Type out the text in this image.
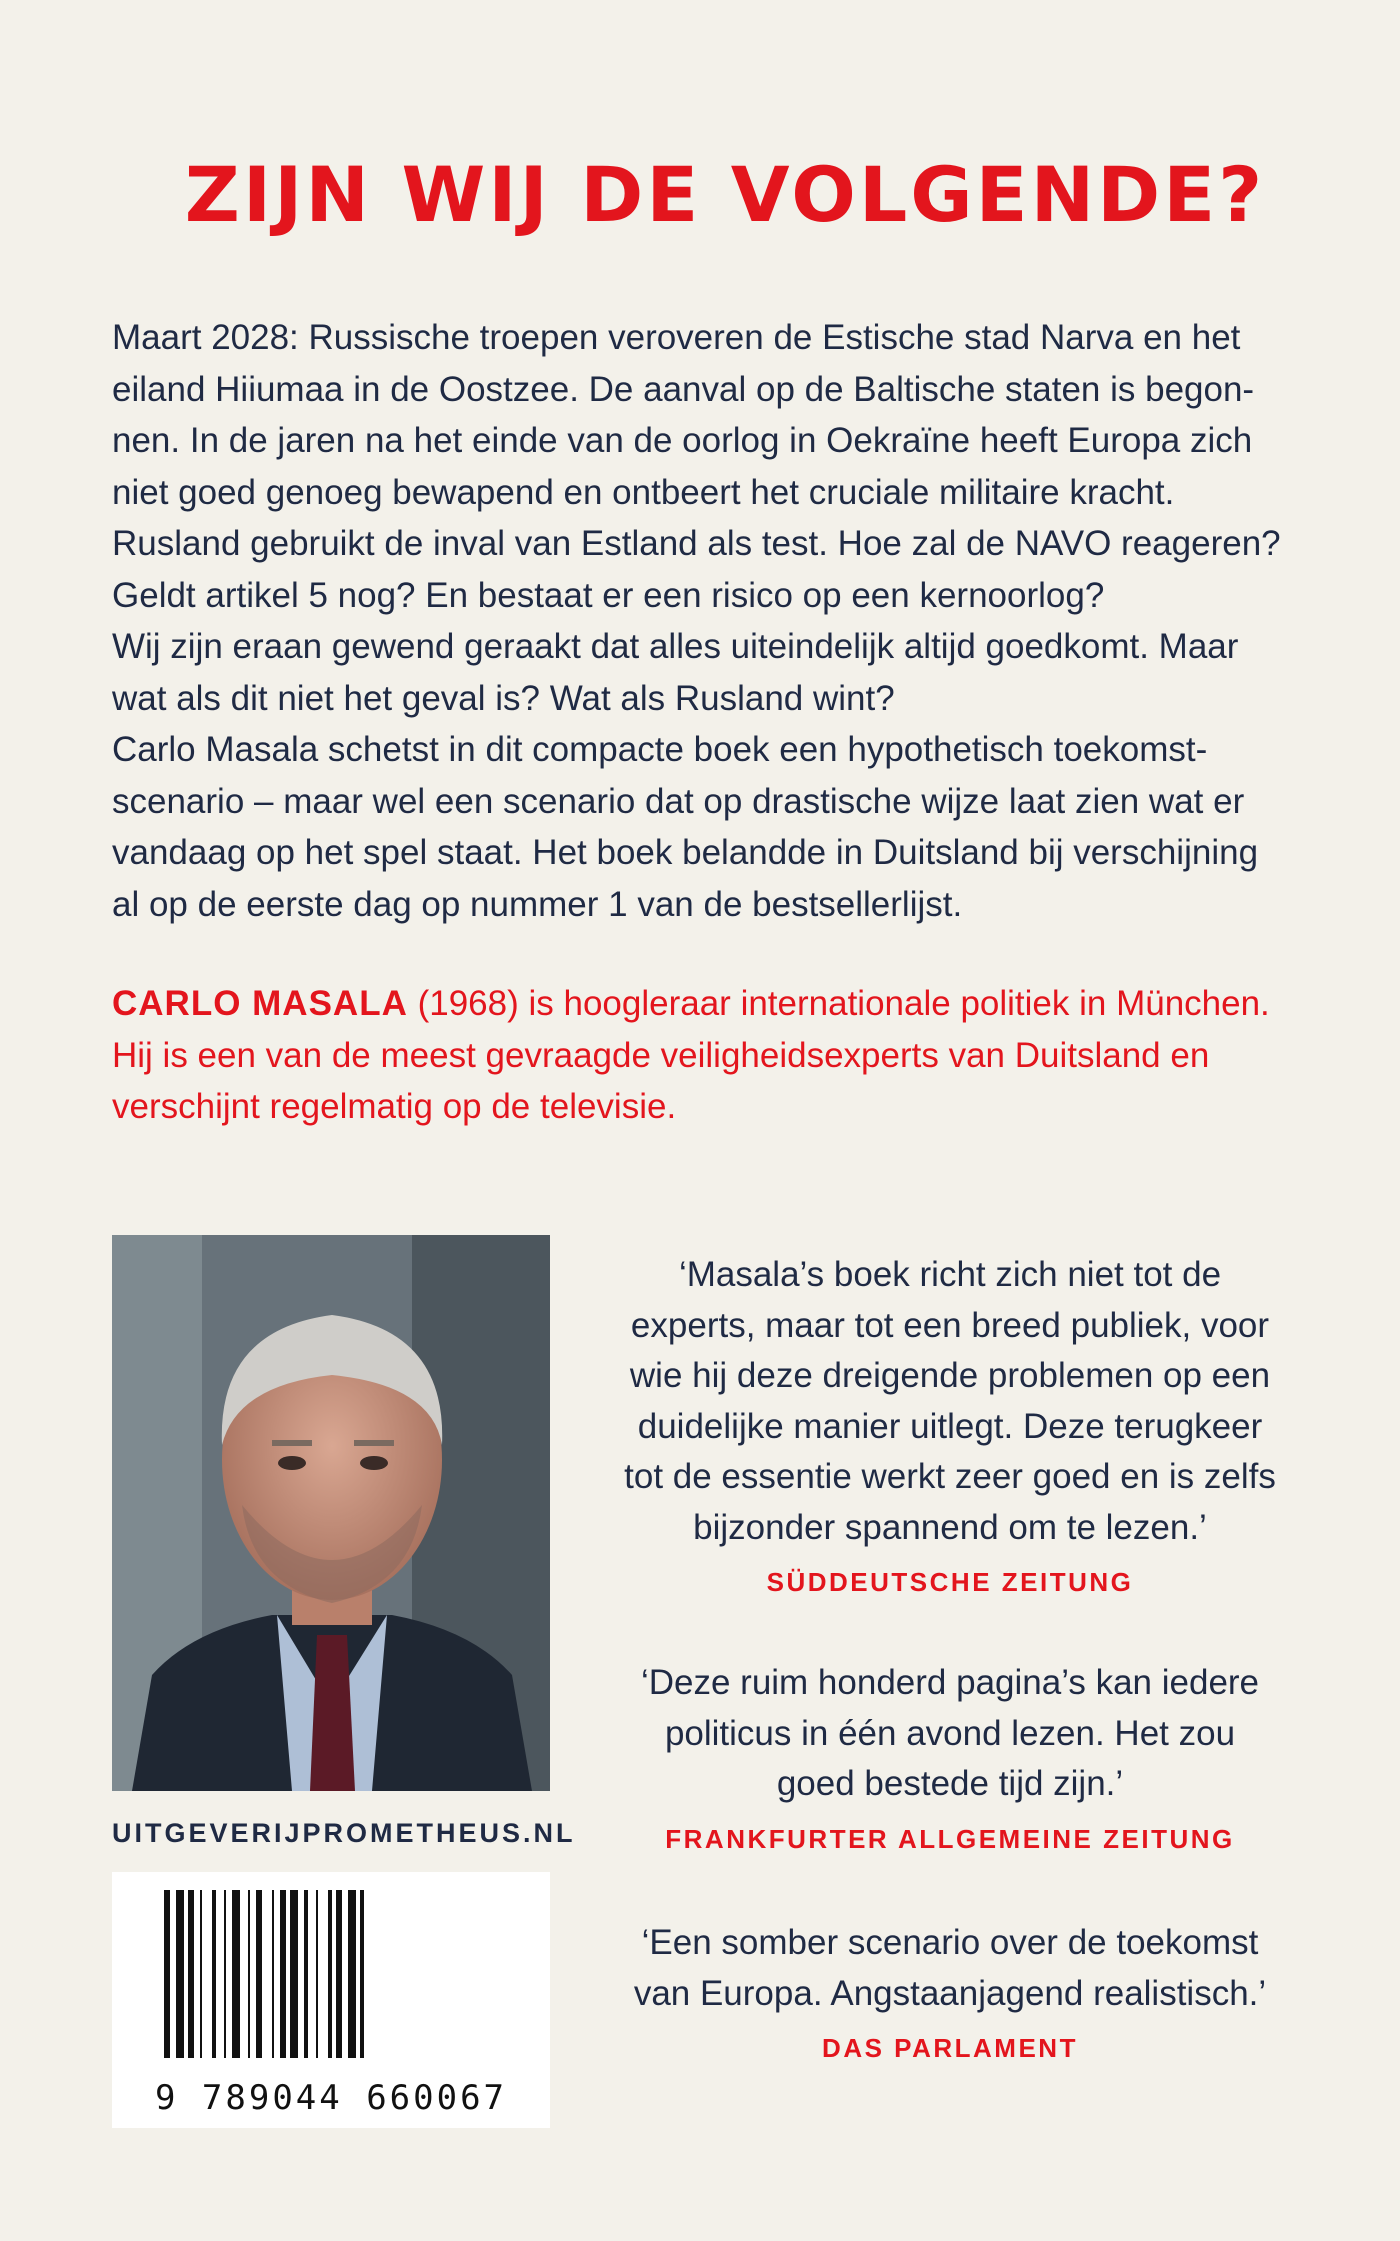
ZIJN WIJ DE VOLGENDE?

Maart 2028: Russische troepen veroveren de Estische stad Narva en het

eiland Hiiumaa in de Oostzee. De aanval op de Baltische staten is begon-

nen. In de jaren na het einde van de oorlog in Oekraïne heeft Europa zich

niet goed genoeg bewapend en ontbeert het cruciale militaire kracht.

Rusland gebruikt de inval van Estland als test. Hoe zal de NAVO reageren?

Geldt artikel 5 nog? En bestaat er een risico op een kernoorlog?

Wij zijn eraan gewend geraakt dat alles uiteindelijk altijd goedkomt. Maar

wat als dit niet het geval is? Wat als Rusland wint?

Carlo Masala schetst in dit compacte boek een hypothetisch toekomst-

scenario – maar wel een scenario dat op drastische wijze laat zien wat er

vandaag op het spel staat. Het boek belandde in Duitsland bij verschijning

al op de eerste dag op nummer 1 van de bestsellerlijst.

CARLO MASALA (1968) is hoogleraar internationale politiek in München.
Hij is een van de meest gevraagde veiligheidsexperts van Duitsland en
verschijnt regelmatig op de televisie.
UITGEVERIJPROMETHEUS.NL
9 789044 660067
‘Masala’s boek richt zich niet tot de
experts, maar tot een breed publiek, voor
wie hij deze dreigende problemen op een
duidelijke manier uitlegt. Deze terugkeer
tot de essentie werkt zeer goed en is zelfs
bijzonder spannend om te lezen.’
SÜDDEUTSCHE ZEITUNG
‘Deze ruim honderd pagina’s kan iedere
politicus in één avond lezen. Het zou
goed bestede tijd zijn.’
FRANKFURTER ALLGEMEINE ZEITUNG
‘Een somber scenario over de toekomst
van Europa. Angstaanjagend realistisch.’
DAS PARLAMENT
